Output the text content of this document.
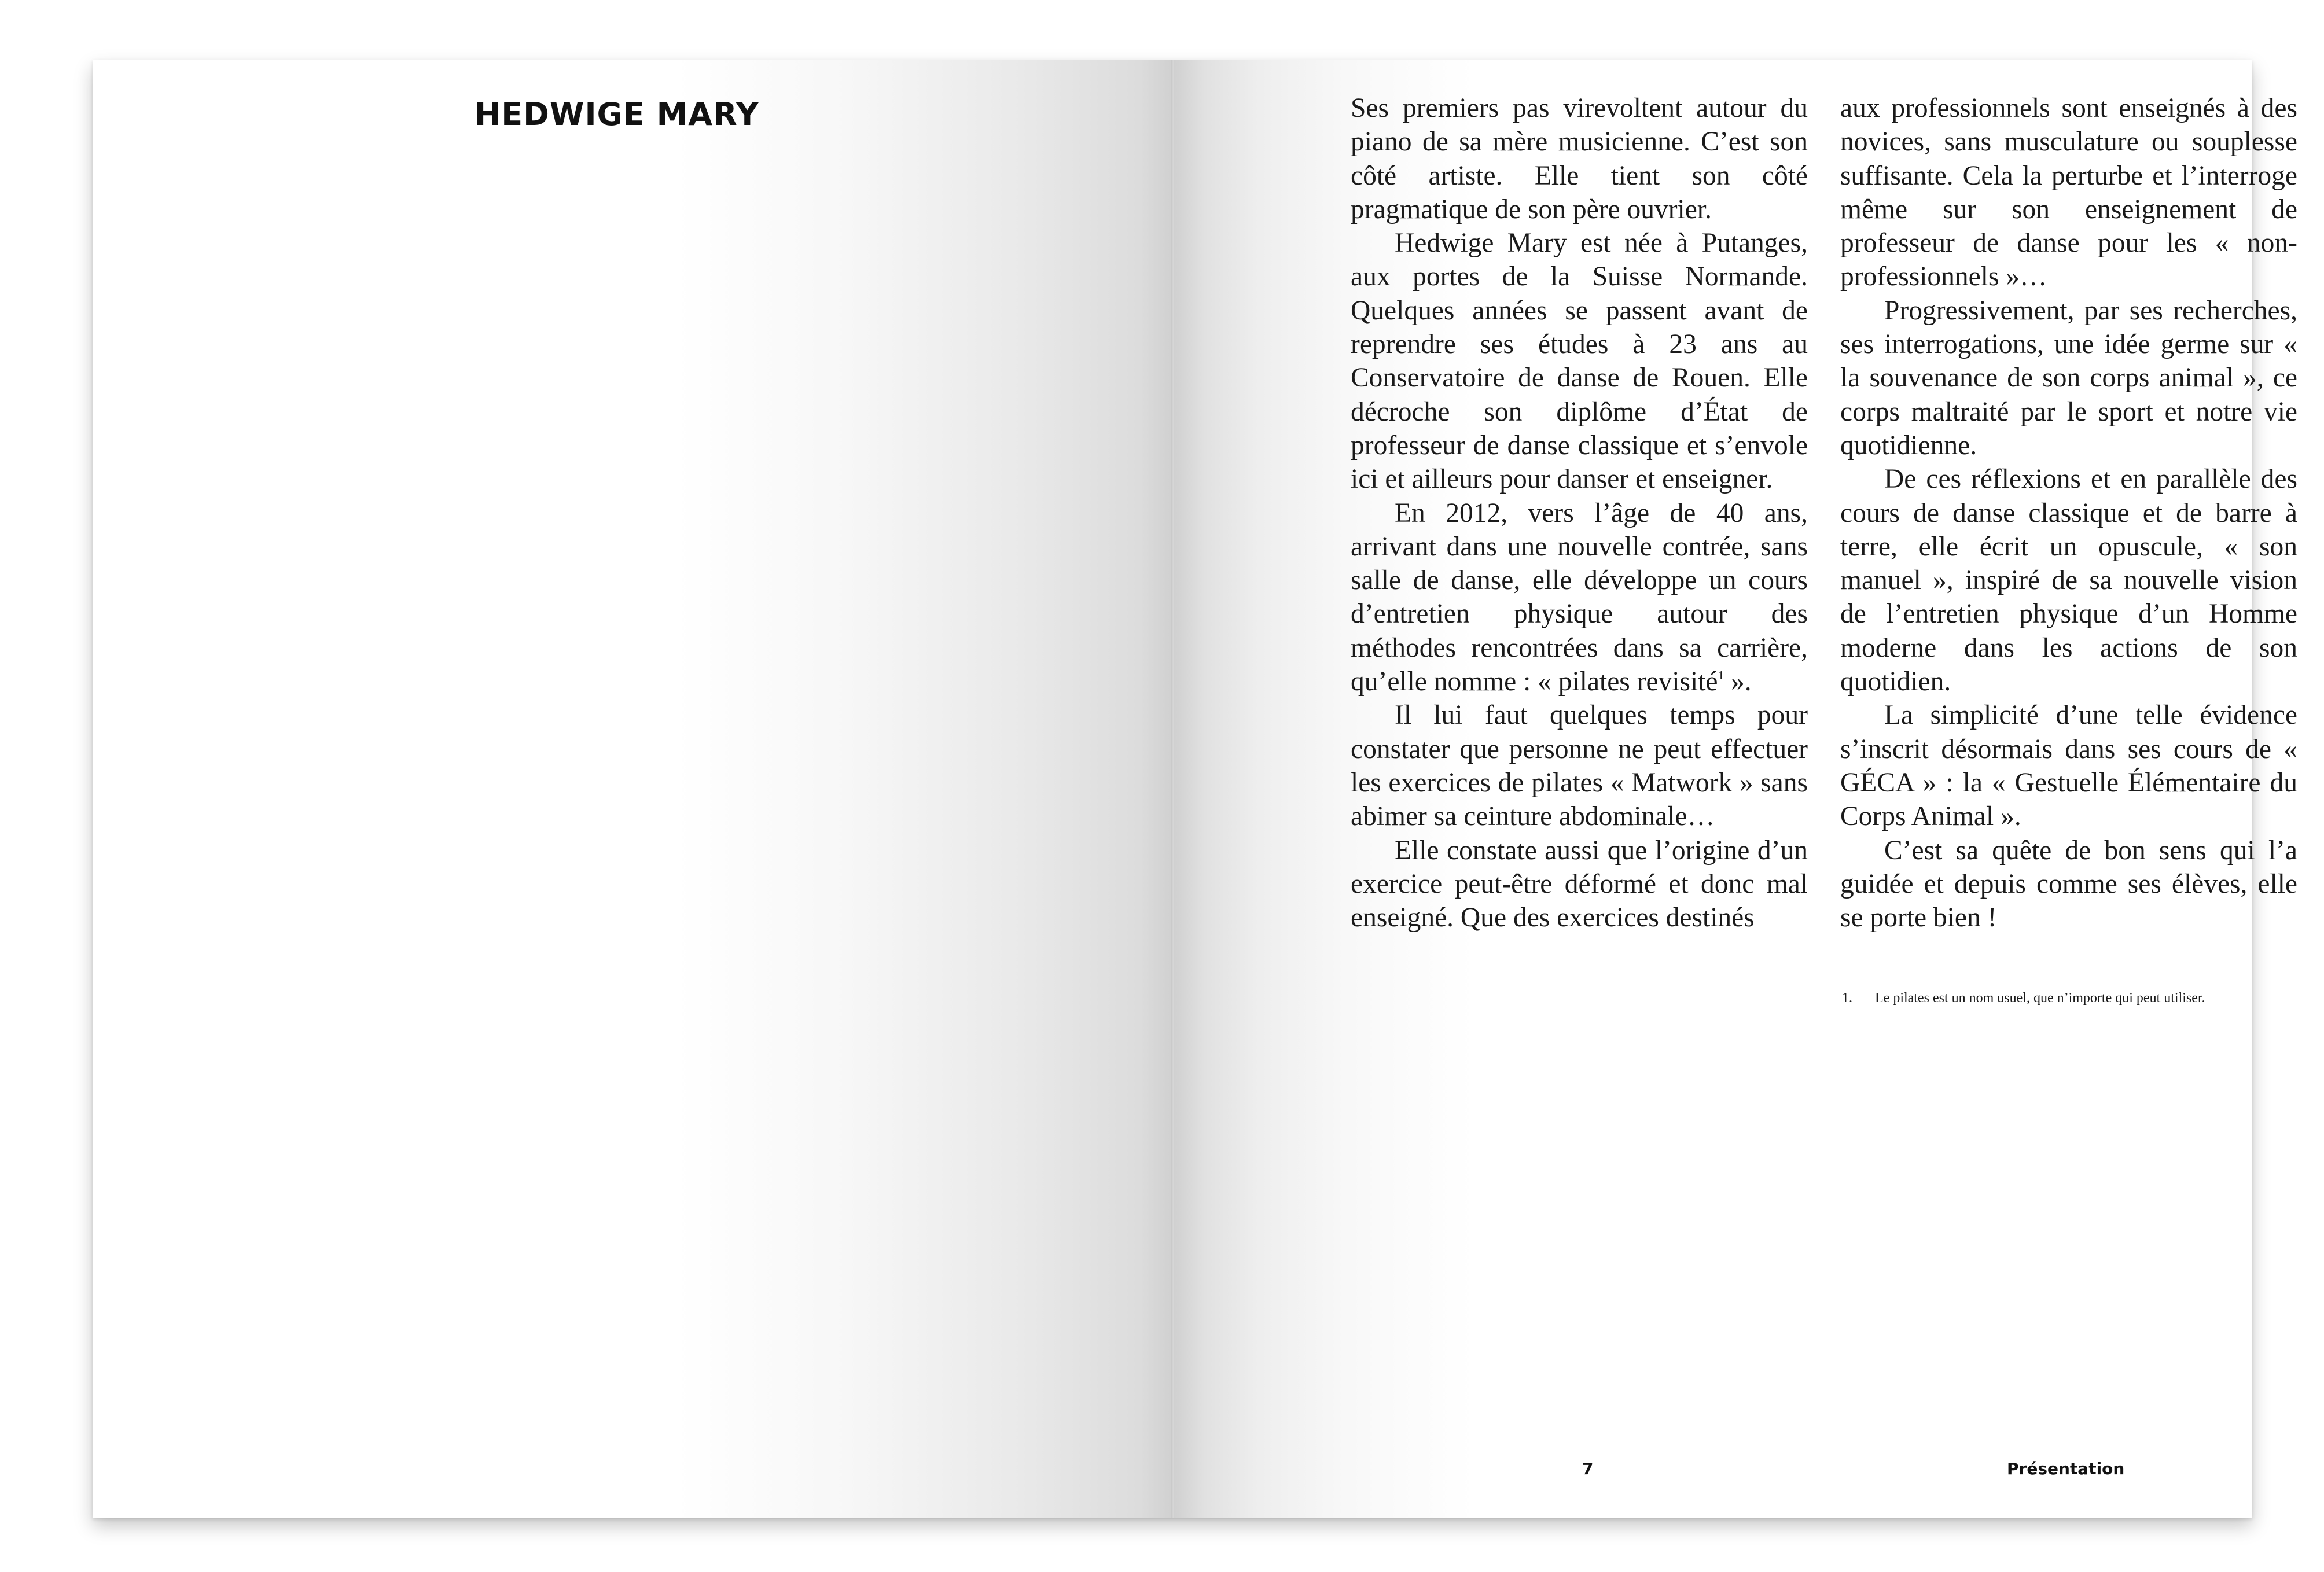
HEDWIGE MARY	Ses premiers pas virevoltent autour du piano de sa mère musicienne. C’est son côté artiste. Elle tient son côté pragmatique de son père ouvrier.

Hedwige Mary est née à Putanges, aux portes de la Suisse Normande. Quelques années se passent avant de reprendre ses études à 23 ans au Conservatoire de danse de Rouen. Elle décroche son diplôme d’État de professeur de danse classique et s’envole ici et ailleurs pour danser et enseigner.

En 2012, vers l’âge de 40 ans, arrivant dans une nouvelle contrée, sans salle de danse, elle développe un cours d’entretien physique autour des méthodes rencontrées dans sa carrière, qu’elle nomme : « pilates revisité$^1$ ».

Il lui faut quelques temps pour constater que personne ne peut effectuer les exercices de pilates « Matwork » sans abimer sa ceinture abdominale…

Elle constate aussi que l’origine d’un exercice peut-être déformé et donc mal enseigné. Que des exercices destinés

aux professionnels sont enseignés à des novices, sans musculature ou souplesse suffisante. Cela la perturbe et l’interroge même sur son enseignement de professeur de danse pour les « non-professionnels »…

Progressivement, par ses recherches, ses interrogations, une idée germe sur « la souvenance de son corps animal », ce corps maltraité par le sport et notre vie quotidienne.

De ces réflexions et en parallèle des cours de danse classique et de barre à terre, elle écrit un opuscule, « son manuel », inspiré de sa nouvelle vision de l’entretien physique d’un Homme moderne dans les actions de son quotidien.

La simplicité d’une telle évidence s’inscrit désormais dans ses cours de « GÉCA » : la « Gestuelle Élémentaire du Corps Animal ».

C’est sa quête de bon sens qui l’a guidée et depuis comme ses élèves, elle se porte bien !

1. Le pilates est un nom usuel, que n’importe qui peut utiliser.
7	Présentation
